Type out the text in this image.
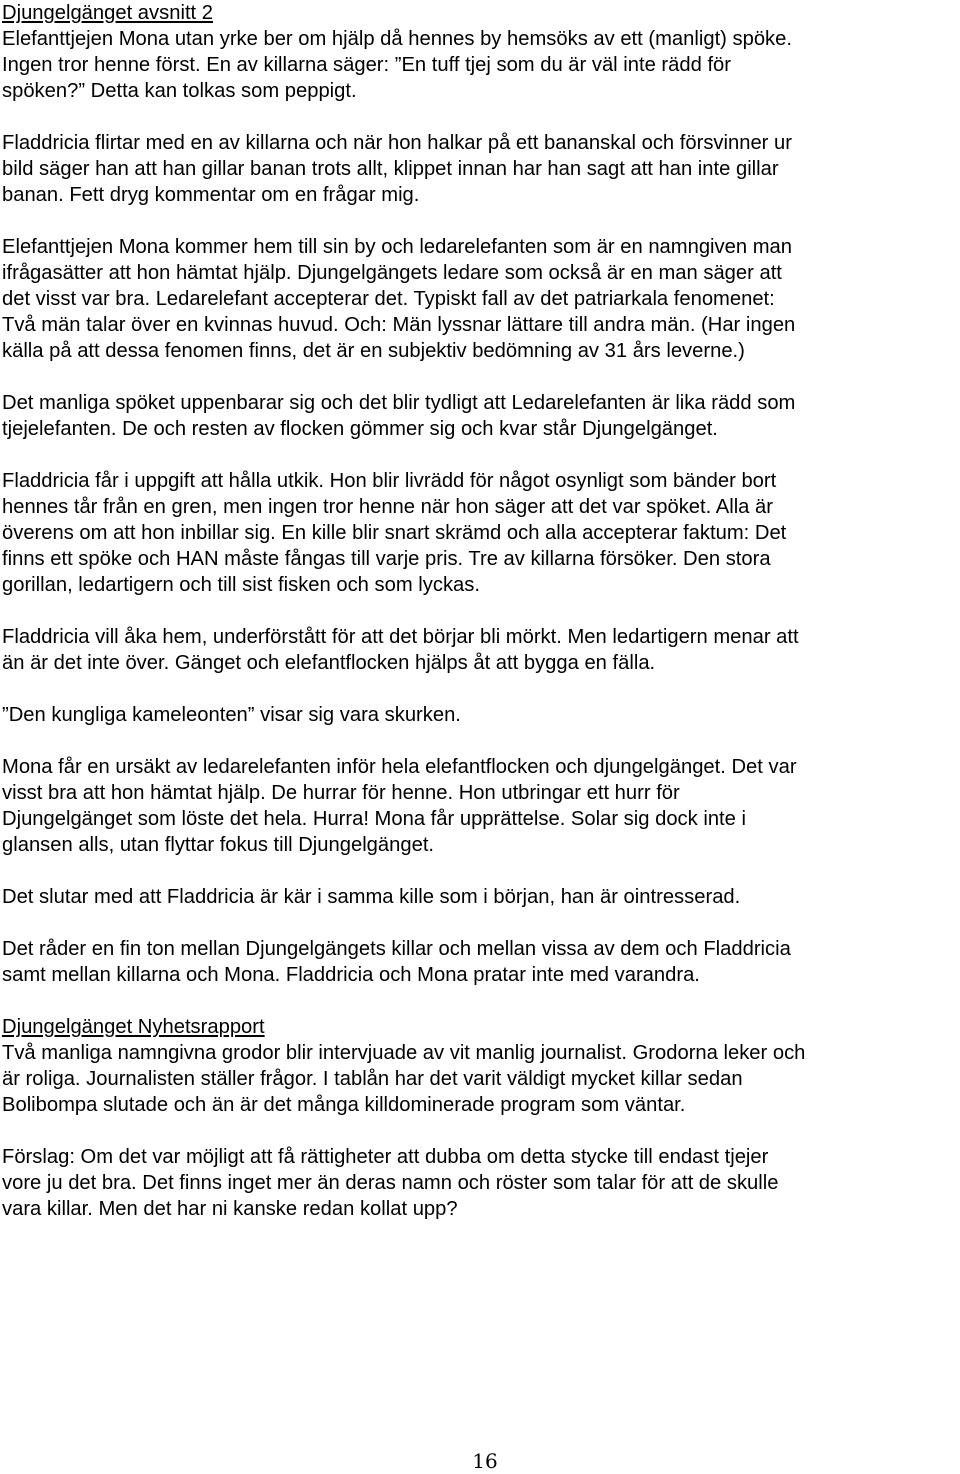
Djungelgänget avsnitt 2
Elefanttjejen Mona utan yrke ber om hjälp då hennes by hemsöks av ett (manligt) spöke.
Ingen tror henne först. En av killarna säger: ”En tuff tjej som du är väl inte rädd för
spöken?” Detta kan tolkas som peppigt.
Fladdricia flirtar med en av killarna och när hon halkar på ett bananskal och försvinner ur
bild säger han att han gillar banan trots allt, klippet innan har han sagt att han inte gillar
banan. Fett dryg kommentar om en frågar mig.
Elefanttjejen Mona kommer hem till sin by och ledarelefanten som är en namngiven man
ifrågasätter att hon hämtat hjälp. Djungelgängets ledare som också är en man säger att
det visst var bra. Ledarelefant accepterar det. Typiskt fall av det patriarkala fenomenet:
Två män talar över en kvinnas huvud. Och: Män lyssnar lättare till andra män. (Har ingen
källa på att dessa fenomen finns, det är en subjektiv bedömning av 31 års leverne.)
Det manliga spöket uppenbarar sig och det blir tydligt att Ledarelefanten är lika rädd som
tjejelefanten. De och resten av flocken gömmer sig och kvar står Djungelgänget.
Fladdricia får i uppgift att hålla utkik. Hon blir livrädd för något osynligt som bänder bort
hennes tår från en gren, men ingen tror henne när hon säger att det var spöket. Alla är
överens om att hon inbillar sig. En kille blir snart skrämd och alla accepterar faktum: Det
finns ett spöke och HAN måste fångas till varje pris. Tre av killarna försöker. Den stora
gorillan, ledartigern och till sist fisken och som lyckas.
Fladdricia vill åka hem, underförstått för att det börjar bli mörkt. Men ledartigern menar att
än är det inte över. Gänget och elefantflocken hjälps åt att bygga en fälla.
”Den kungliga kameleonten” visar sig vara skurken.
Mona får en ursäkt av ledarelefanten inför hela elefantflocken och djungelgänget. Det var
visst bra att hon hämtat hjälp. De hurrar för henne. Hon utbringar ett hurr för
Djungelgänget som löste det hela. Hurra! Mona får upprättelse. Solar sig dock inte i
glansen alls, utan flyttar fokus till Djungelgänget.
Det slutar med att Fladdricia är kär i samma kille som i början, han är ointresserad.
Det råder en fin ton mellan Djungelgängets killar och mellan vissa av dem och Fladdricia
samt mellan killarna och Mona. Fladdricia och Mona pratar inte med varandra.
Djungelgänget Nyhetsrapport
Två manliga namngivna grodor blir intervjuade av vit manlig journalist. Grodorna leker och
är roliga. Journalisten ställer frågor. I tablån har det varit väldigt mycket killar sedan
Bolibompa slutade och än är det många killdominerade program som väntar.
Förslag: Om det var möjligt att få rättigheter att dubba om detta stycke till endast tjejer
vore ju det bra. Det finns inget mer än deras namn och röster som talar för att de skulle
vara killar. Men det har ni kanske redan kollat upp?
16
